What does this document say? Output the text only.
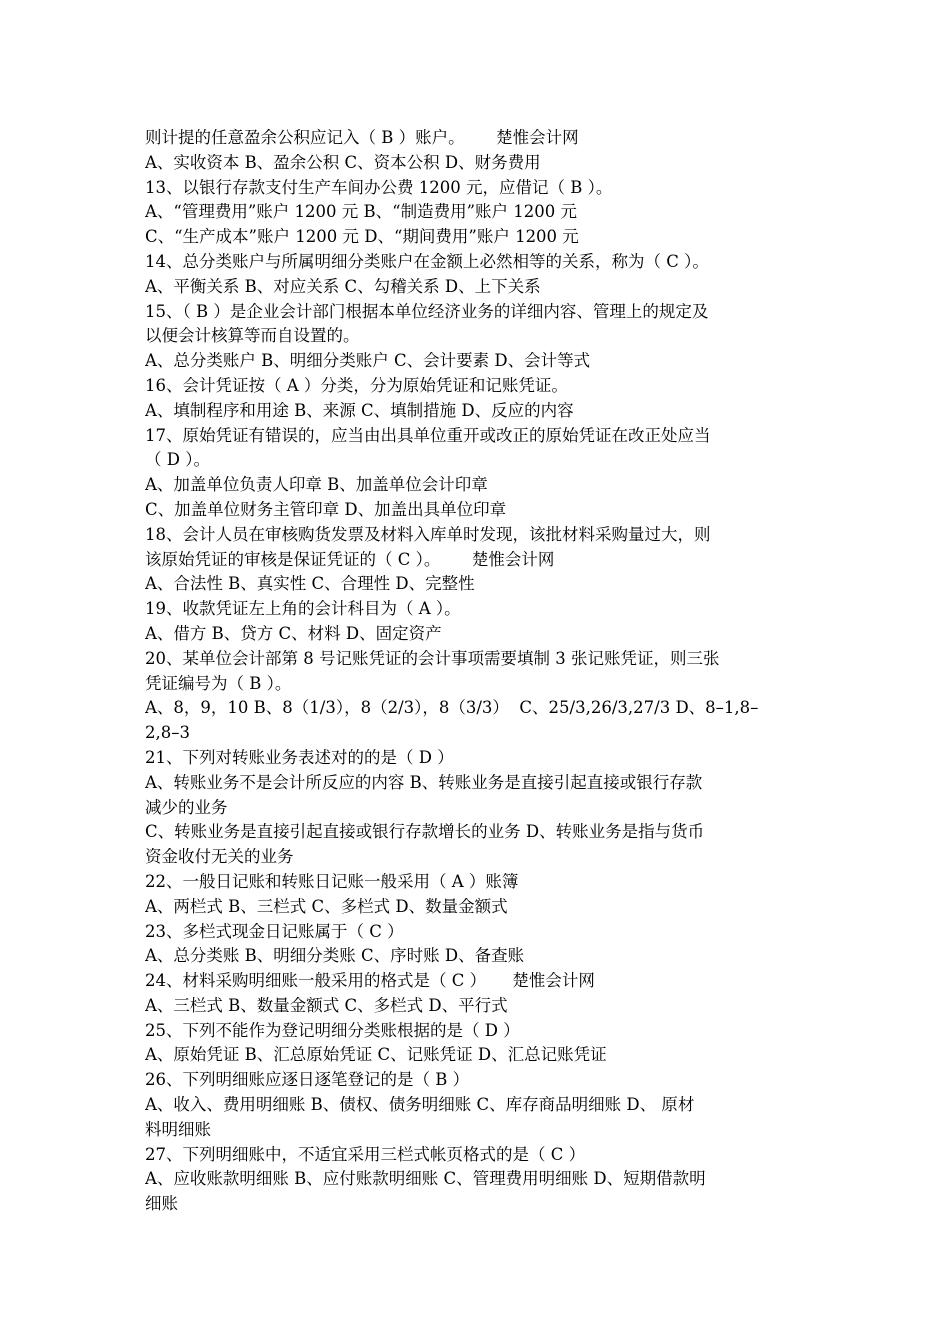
则计提的任意盈余公积应记入（ B ）账户。      楚惟会计网
A、实收资本 B、盈余公积 C、资本公积 D、财务费用
13、以银行存款支付生产车间办公费 1200 元，应借记（ B ）。
A、“管理费用”账户 1200 元 B、“制造费用”账户 1200 元
C、“生产成本”账户 1200 元 D、“期间费用”账户 1200 元
14、总分类账户与所属明细分类账户在金额上必然相等的关系，称为（ C ）。
A、平衡关系 B、对应关系 C、勾稽关系 D、上下关系
15、（ B ）是企业会计部门根据本单位经济业务的详细内容、管理上的规定及
以便会计核算等而自设置的。
A、总分类账户 B、明细分类账户 C、会计要素 D、会计等式
16、会计凭证按（ A ）分类，分为原始凭证和记账凭证。
A、填制程序和用途 B、来源 C、填制措施 D、反应的内容
17、原始凭证有错误的，应当由出具单位重开或改正的原始凭证在改正处应当
（ D ）。
A、加盖单位负责人印章 B、加盖单位会计印章
C、加盖单位财务主管印章 D、加盖出具单位印章
18、会计人员在审核购货发票及材料入库单时发现，该批材料采购量过大，则
该原始凭证的审核是保证凭证的（ C ）。      楚惟会计网
A、合法性 B、真实性 C、合理性 D、完整性
19、收款凭证左上角的会计科目为（ A ）。
A、借方 B、贷方 C、材料 D、固定资产
20、某单位会计部第 8 号记账凭证的会计事项需要填制 3 张记账凭证，则三张
凭证编号为（ B ）。
A、8，9，10 B、8（1/3），8（2/3），8（3/3）  C、25/3,26/3,27/3 D、8–1,8–
2,8–3
21、下列对转账业务表述对的的是（ D ）
A、转账业务不是会计所反应的内容 B、转账业务是直接引起直接或银行存款
减少的业务
C、转账业务是直接引起直接或银行存款增长的业务 D、转账业务是指与货币
资金收付无关的业务
22、一般日记账和转账日记账一般采用（ A ）账簿
A、两栏式 B、三栏式 C、多栏式 D、数量金额式
23、多栏式现金日记账属于（ C ）
A、总分类账 B、明细分类账 C、序时账 D、备查账
24、材料采购明细账一般采用的格式是（ C ）     楚惟会计网
A、三栏式 B、数量金额式 C、多栏式 D、平行式
25、下列不能作为登记明细分类账根据的是（ D ）
A、原始凭证 B、汇总原始凭证 C、记账凭证 D、汇总记账凭证
26、下列明细账应逐日逐笔登记的是（ B ）
A、收入、费用明细账 B、债权、债务明细账 C、库存商品明细账 D、 原材
料明细账
27、下列明细账中，不适宜采用三栏式帐页格式的是（ C ）
A、应收账款明细账 B、应付账款明细账 C、管理费用明细账 D、短期借款明
细账
